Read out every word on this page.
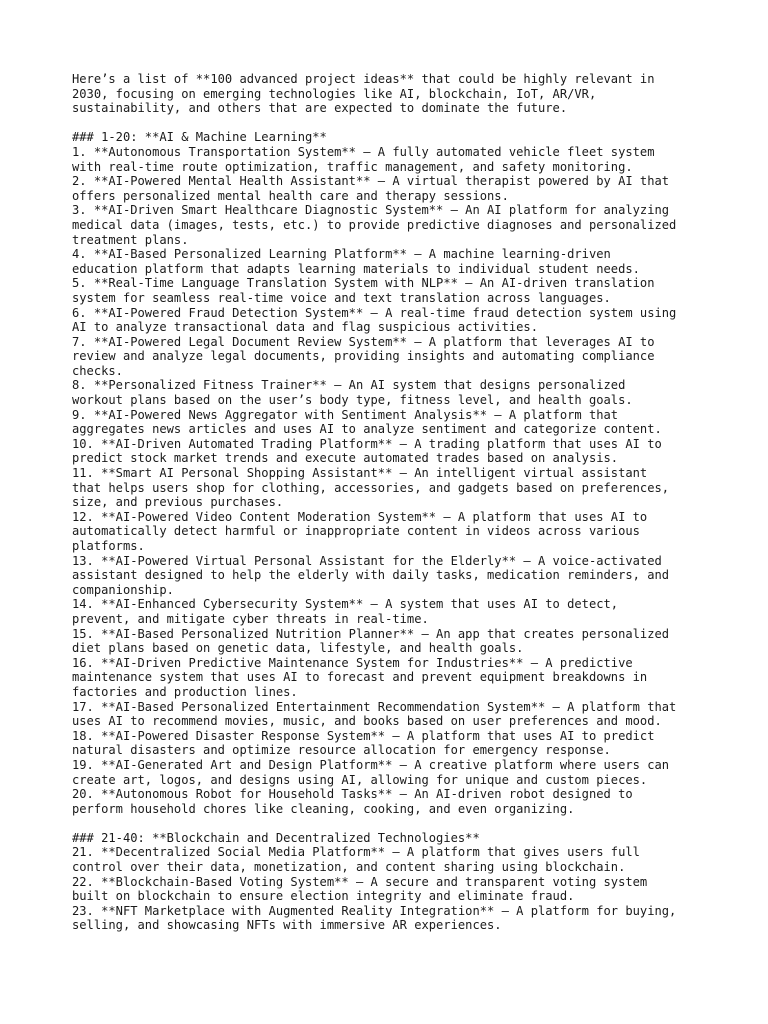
Here’s a list of **100 advanced project ideas** that could be highly relevant in
2030, focusing on emerging technologies like AI, blockchain, IoT, AR/VR,
sustainability, and others that are expected to dominate the future.
### 1-20: **AI & Machine Learning**
1. **Autonomous Transportation System** – A fully automated vehicle fleet system
with real-time route optimization, traffic management, and safety monitoring.
2. **AI-Powered Mental Health Assistant** – A virtual therapist powered by AI that
offers personalized mental health care and therapy sessions.
3. **AI-Driven Smart Healthcare Diagnostic System** – An AI platform for analyzing
medical data (images, tests, etc.) to provide predictive diagnoses and personalized
treatment plans.
4. **AI-Based Personalized Learning Platform** – A machine learning-driven
education platform that adapts learning materials to individual student needs.
5. **Real-Time Language Translation System with NLP** – An AI-driven translation
system for seamless real-time voice and text translation across languages.
6. **AI-Powered Fraud Detection System** – A real-time fraud detection system using
AI to analyze transactional data and flag suspicious activities.
7. **AI-Powered Legal Document Review System** – A platform that leverages AI to
review and analyze legal documents, providing insights and automating compliance
checks.
8. **Personalized Fitness Trainer** – An AI system that designs personalized
workout plans based on the user’s body type, fitness level, and health goals.
9. **AI-Powered News Aggregator with Sentiment Analysis** – A platform that
aggregates news articles and uses AI to analyze sentiment and categorize content.
10. **AI-Driven Automated Trading Platform** – A trading platform that uses AI to
predict stock market trends and execute automated trades based on analysis.
11. **Smart AI Personal Shopping Assistant** – An intelligent virtual assistant
that helps users shop for clothing, accessories, and gadgets based on preferences,
size, and previous purchases.
12. **AI-Powered Video Content Moderation System** – A platform that uses AI to
automatically detect harmful or inappropriate content in videos across various
platforms.
13. **AI-Powered Virtual Personal Assistant for the Elderly** – A voice-activated
assistant designed to help the elderly with daily tasks, medication reminders, and
companionship.
14. **AI-Enhanced Cybersecurity System** – A system that uses AI to detect,
prevent, and mitigate cyber threats in real-time.
15. **AI-Based Personalized Nutrition Planner** – An app that creates personalized
diet plans based on genetic data, lifestyle, and health goals.
16. **AI-Driven Predictive Maintenance System for Industries** – A predictive
maintenance system that uses AI to forecast and prevent equipment breakdowns in
factories and production lines.
17. **AI-Based Personalized Entertainment Recommendation System** – A platform that
uses AI to recommend movies, music, and books based on user preferences and mood.
18. **AI-Powered Disaster Response System** – A platform that uses AI to predict
natural disasters and optimize resource allocation for emergency response.
19. **AI-Generated Art and Design Platform** – A creative platform where users can
create art, logos, and designs using AI, allowing for unique and custom pieces.
20. **Autonomous Robot for Household Tasks** – An AI-driven robot designed to
perform household chores like cleaning, cooking, and even organizing.
### 21-40: **Blockchain and Decentralized Technologies**
21. **Decentralized Social Media Platform** – A platform that gives users full
control over their data, monetization, and content sharing using blockchain.
22. **Blockchain-Based Voting System** – A secure and transparent voting system
built on blockchain to ensure election integrity and eliminate fraud.
23. **NFT Marketplace with Augmented Reality Integration** – A platform for buying,
selling, and showcasing NFTs with immersive AR experiences.
